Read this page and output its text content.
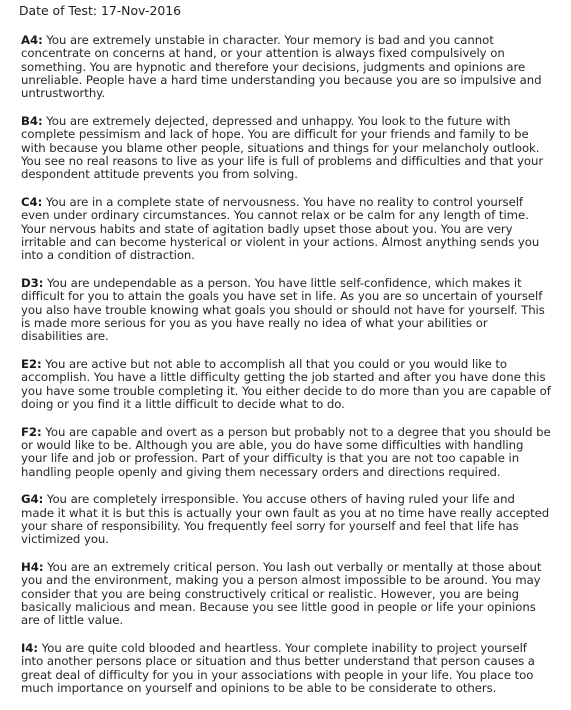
Date of Test: 17-Nov-2016

A4: You are extremely unstable in character. Your memory is bad and you cannot concentrate on concerns at hand, or your attention is always fixed compulsively on something. You are hypnotic and therefore your decisions, judgments and opinions are unreliable. People have a hard time understanding you because you are so impulsive and untrustworthy.

B4: You are extremely dejected, depressed and unhappy. You look to the future with complete pessimism and lack of hope. You are difficult for your friends and family to be with because you blame other people, situations and things for your melancholy outlook. You see no real reasons to live as your life is full of problems and difficulties and that your despondent attitude prevents you from solving.

C4: You are in a complete state of nervousness. You have no reality to control yourself even under ordinary circumstances. You cannot relax or be calm for any length of time. Your nervous habits and state of agitation badly upset those about you. You are very irritable and can become hysterical or violent in your actions. Almost anything sends you into a condition of distraction.

D3: You are undependable as a person. You have little self-confidence, which makes it difficult for you to attain the goals you have set in life. As you are so uncertain of yourself you also have trouble knowing what goals you should or should not have for yourself. This is made more serious for you as you have really no idea of what your abilities or disabilities are.

E2: You are active but not able to accomplish all that you could or you would like to accomplish. You have a little difficulty getting the job started and after you have done this you have some trouble completing it. You either decide to do more than you are capable of doing or you find it a little difficult to decide what to do.

F2: You are capable and overt as a person but probably not to a degree that you should be or would like to be. Although you are able, you do have some difficulties with handling your life and job or profession. Part of your difficulty is that you are not too capable in handling people openly and giving them necessary orders and directions required.

G4: You are completely irresponsible. You accuse others of having ruled your life and made it what it is but this is actually your own fault as you at no time have really accepted your share of responsibility. You frequently feel sorry for yourself and feel that life has victimized you.

H4: You are an extremely critical person. You lash out verbally or mentally at those about you and the environment, making you a person almost impossible to be around. You may consider that you are being constructively critical or realistic. However, you are being basically malicious and mean. Because you see little good in people or life your opinions are of little value.

I4: You are quite cold blooded and heartless. Your complete inability to project yourself into another persons place or situation and thus better understand that person causes a great deal of difficulty for you in your associations with people in your life. You place too much importance on yourself and opinions to be able to be considerate to others.
